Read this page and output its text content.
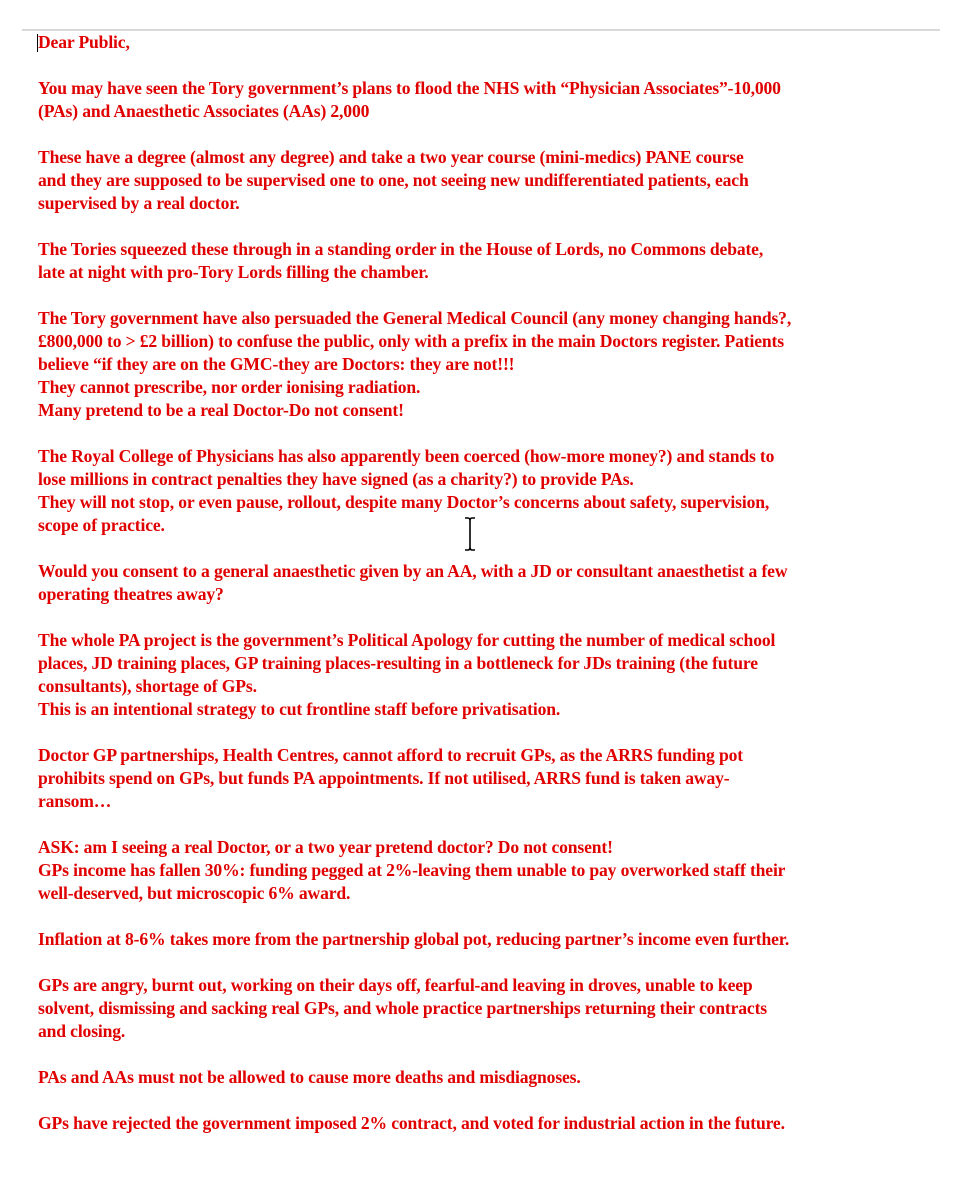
Dear Public,

You may have seen the Tory government’s plans to flood the NHS with “Physician Associates”-10,000
(PAs) and Anaesthetic Associates (AAs) 2,000

These have a degree (almost any degree) and take a two year course (mini-medics) PANE course
and they are supposed to be supervised one to one, not seeing new undifferentiated patients, each
supervised by a real doctor.

The Tories squeezed these through in a standing order in the House of Lords, no Commons debate,
late at night with pro-Tory Lords filling the chamber.

The Tory government have also persuaded the General Medical Council (any money changing hands?,
£800,000 to > £2 billion) to confuse the public, only with a prefix in the main Doctors register. Patients
believe “if they are on the GMC-they are Doctors: they are not!!!
They cannot prescribe, nor order ionising radiation.
Many pretend to be a real Doctor-Do not consent!

The Royal College of Physicians has also apparently been coerced (how-more money?) and stands to
lose millions in contract penalties they have signed (as a charity?) to provide PAs.
They will not stop, or even pause, rollout, despite many Doctor’s concerns about safety, supervision,
scope of practice.

Would you consent to a general anaesthetic given by an AA, with a JD or consultant anaesthetist a few
operating theatres away?

The whole PA project is the government’s Political Apology for cutting the number of medical school
places, JD training places, GP training places-resulting in a bottleneck for JDs training (the future
consultants), shortage of GPs.
This is an intentional strategy to cut frontline staff before privatisation.

Doctor GP partnerships, Health Centres, cannot afford to recruit GPs, as the ARRS funding pot
prohibits spend on GPs, but funds PA appointments. If not utilised, ARRS fund is taken away-
ransom…

ASK: am I seeing a real Doctor, or a two year pretend doctor? Do not consent!
GPs income has fallen 30%: funding pegged at 2%-leaving them unable to pay overworked staff their
well-deserved, but microscopic 6% award.

Inflation at 8-6% takes more from the partnership global pot, reducing partner’s income even further.

GPs are angry, burnt out, working on their days off, fearful-and leaving in droves, unable to keep
solvent, dismissing and sacking real GPs, and whole practice partnerships returning their contracts
and closing.

PAs and AAs must not be allowed to cause more deaths and misdiagnoses.

GPs have rejected the government imposed 2% contract, and voted for industrial action in the future.
